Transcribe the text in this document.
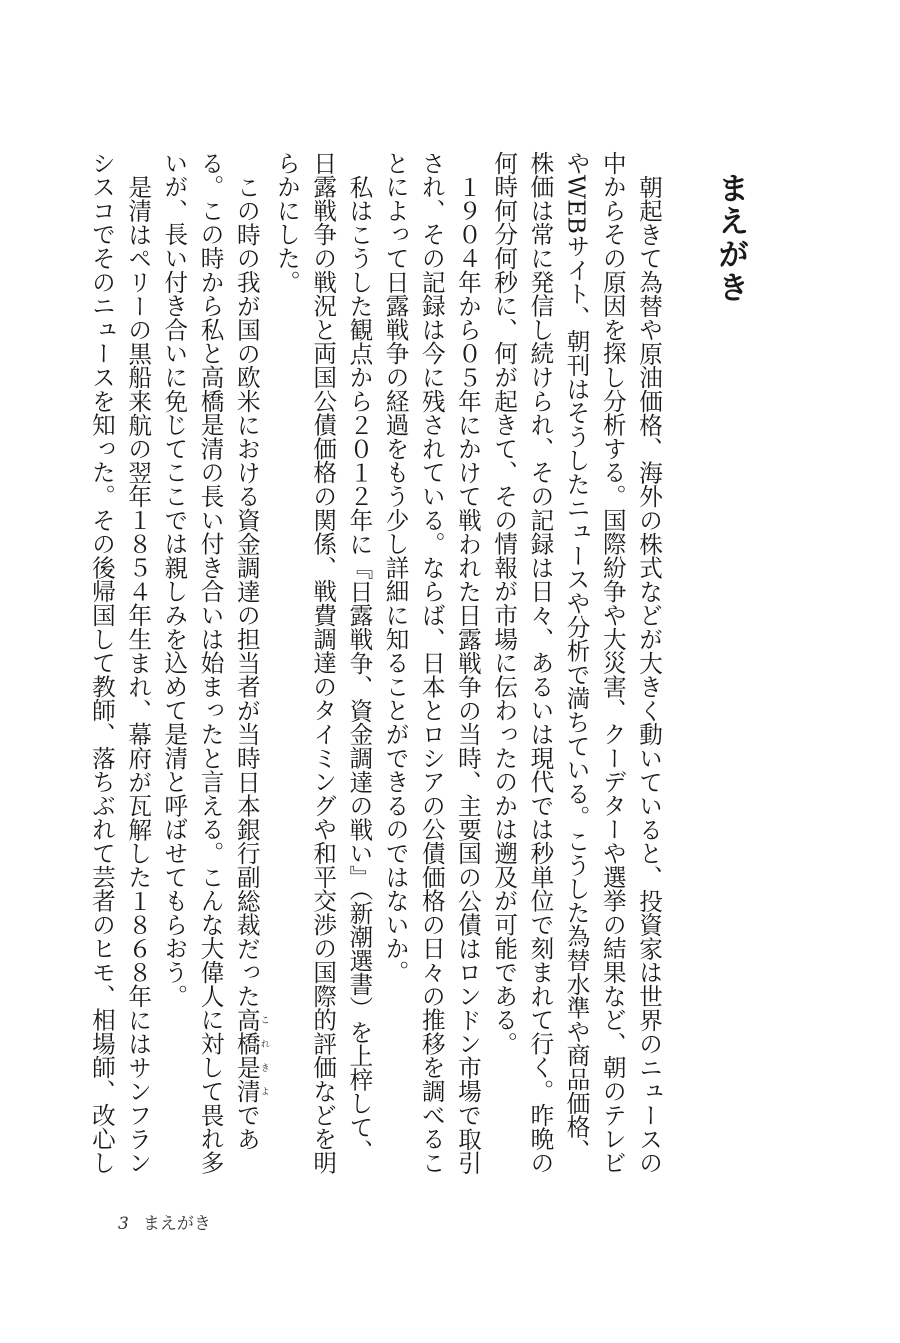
まえがき

朝起きて為替や原油価格、海外の株式などが大きく動いていると、投資家は世界のニュースの中からその原因を探し分析する。国際紛争や大災害、クーデターや選挙の結果など、朝のテレビやWEBサイト、朝刊はそうしたニュースや分析で満ちている。こうした為替水準や商品価格、株価は常に発信し続けられ、その記録は日々、あるいは現代では秒単位で刻まれて行く。昨晩の何時何分何秒に、何が起きて、その情報が市場に伝わったのかは遡及が可能である。

１９０４年から０５年にかけて戦われた日露戦争の当時、主要国の公債はロンドン市場で取引され、その記録は今に残されている。ならば、日本とロシアの公債価格の日々の推移を調べることによって日露戦争の経過をもう少し詳細に知ることができるのではないか。

私はこうした観点から２０１２年に『日露戦争、資金調達の戦い』（新潮選書）を上梓して、日露戦争の戦況と両国公債価格の関係、戦費調達のタイミングや和平交渉の国際的評価などを明らかにした。

この時の我が国の欧米における資金調達の担当者が当時日本銀行副総裁だった高橋是清これきよである。この時から私と高橋是清の長い付き合いは始まったと言える。こんな大偉人に対して畏れ多いが、長い付き合いに免じてここでは親しみを込めて是清と呼ばせてもらおう。

是清はペリーの黒船来航の翌年１８５４年生まれ、幕府が瓦解した１８６８年にはサンフランシスコでそのニュースを知った。その後帰国して教師、落ちぶれて芸者のヒモ、相場師、改心し

3 まえがき
